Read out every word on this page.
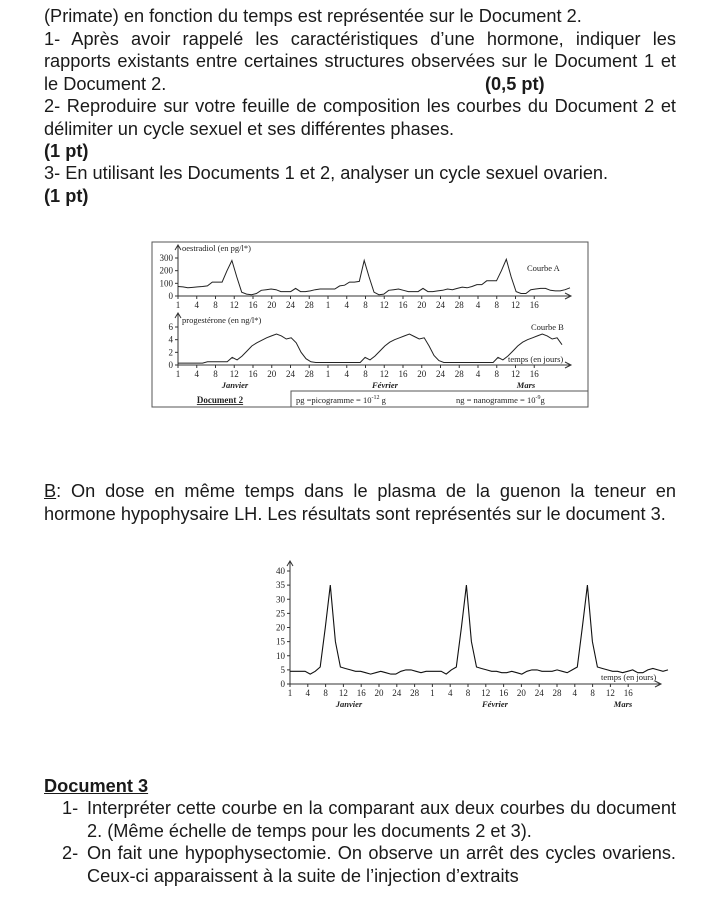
(Primate) en fonction du temps est représentée sur le Document 2.

1- Après avoir rappelé les caractéristiques d’une hormone, indiquer les rapports existants entre certaines structures observées sur le Document 1 et le Document 2.	(0,5 pt)

2- Reproduire sur votre feuille de composition les courbes du Document 2 et délimiter un cycle sexuel et ses différentes phases.
(1 pt)

3- En utilisant les Documents 1 et 2, analyser un cycle sexuel ovarien.
(1 pt)

oestradiol (en pg/l*)
Courbe A
0
100
200
300
1 4 8 12 16 20 24 28 1 4 8 12 16 20 24 28 4 8 12 16
progestérone (en ng/l*)
Courbe B
temps (en jours)
0
2
4
6
1 4 8 12 16 20 24 28 1 4 8 12 16 20 24 28 4 8 12 16
Janvier	Février	Mars
Document 2	pg =picogramme = $10^{-12}$ g	ng = nanogramme = $10^{-9}g$
temps (en jours)
0
5
10
15
20
25
30
35
40
1 4 8 12 16 20 24 28 1 4 8 12 16 20 24 28 4 8 12 16
Janvier	Février	Mars

B: On dose en même temps dans le plasma de la guenon la teneur en hormone hypophysaire LH. Les résultats sont représentés sur le document 3.

Document 3

1- Interpréter cette courbe en la comparant aux deux courbes du document 2. (Même échelle de temps pour les documents 2 et 3).
2- On fait une hypophysectomie. On observe un arrêt des cycles ovariens. Ceux-ci apparaissent à la suite de l’injection d’extraits
